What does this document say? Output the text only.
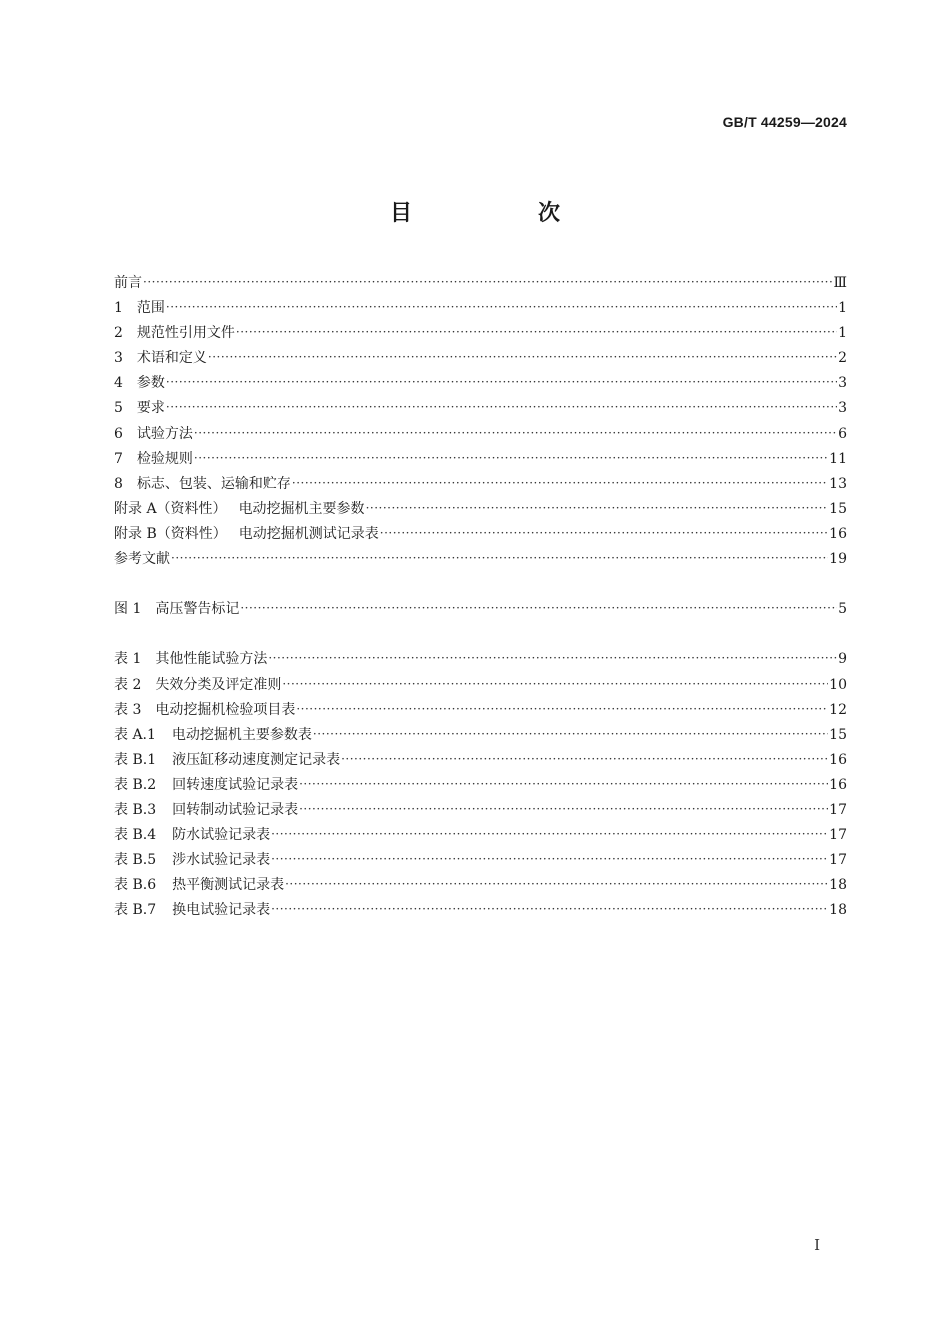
GB/T 44259—2024
目　次
前言 ·····	Ⅲ
1 范围 ·····	1
2 规范性引用文件 ·····	1
3 术语和定义 ·····	2
4 参数 ·····	3
5 要求 ·····	3
6 试验方法 ·····	6
7 检验规则 ·····	11
8 标志、包装、运输和贮存 ·····	13
附录 A（资料性） 电动挖掘机主要参数 ·····	15
附录 B（资料性） 电动挖掘机测试记录表 ·····	16
参考文献 ·····	19
图 1 高压警告标记 ·····	5
表 1 其他性能试验方法 ·····	9
表 2 失效分类及评定准则 ·····	10
表 3 电动挖掘机检验项目表 ·····	12
表 A.1 电动挖掘机主要参数表 ·····	15
表 B.1 液压缸移动速度测定记录表 ·····	16
表 B.2 回转速度试验记录表 ·····	16
表 B.3 回转制动试验记录表 ·····	17
表 B.4 防水试验记录表 ·····	17
表 B.5 涉水试验记录表 ·····	17
表 B.6 热平衡测试记录表 ·····	18
表 B.7 换电试验记录表 ·····	18
Ⅰ
